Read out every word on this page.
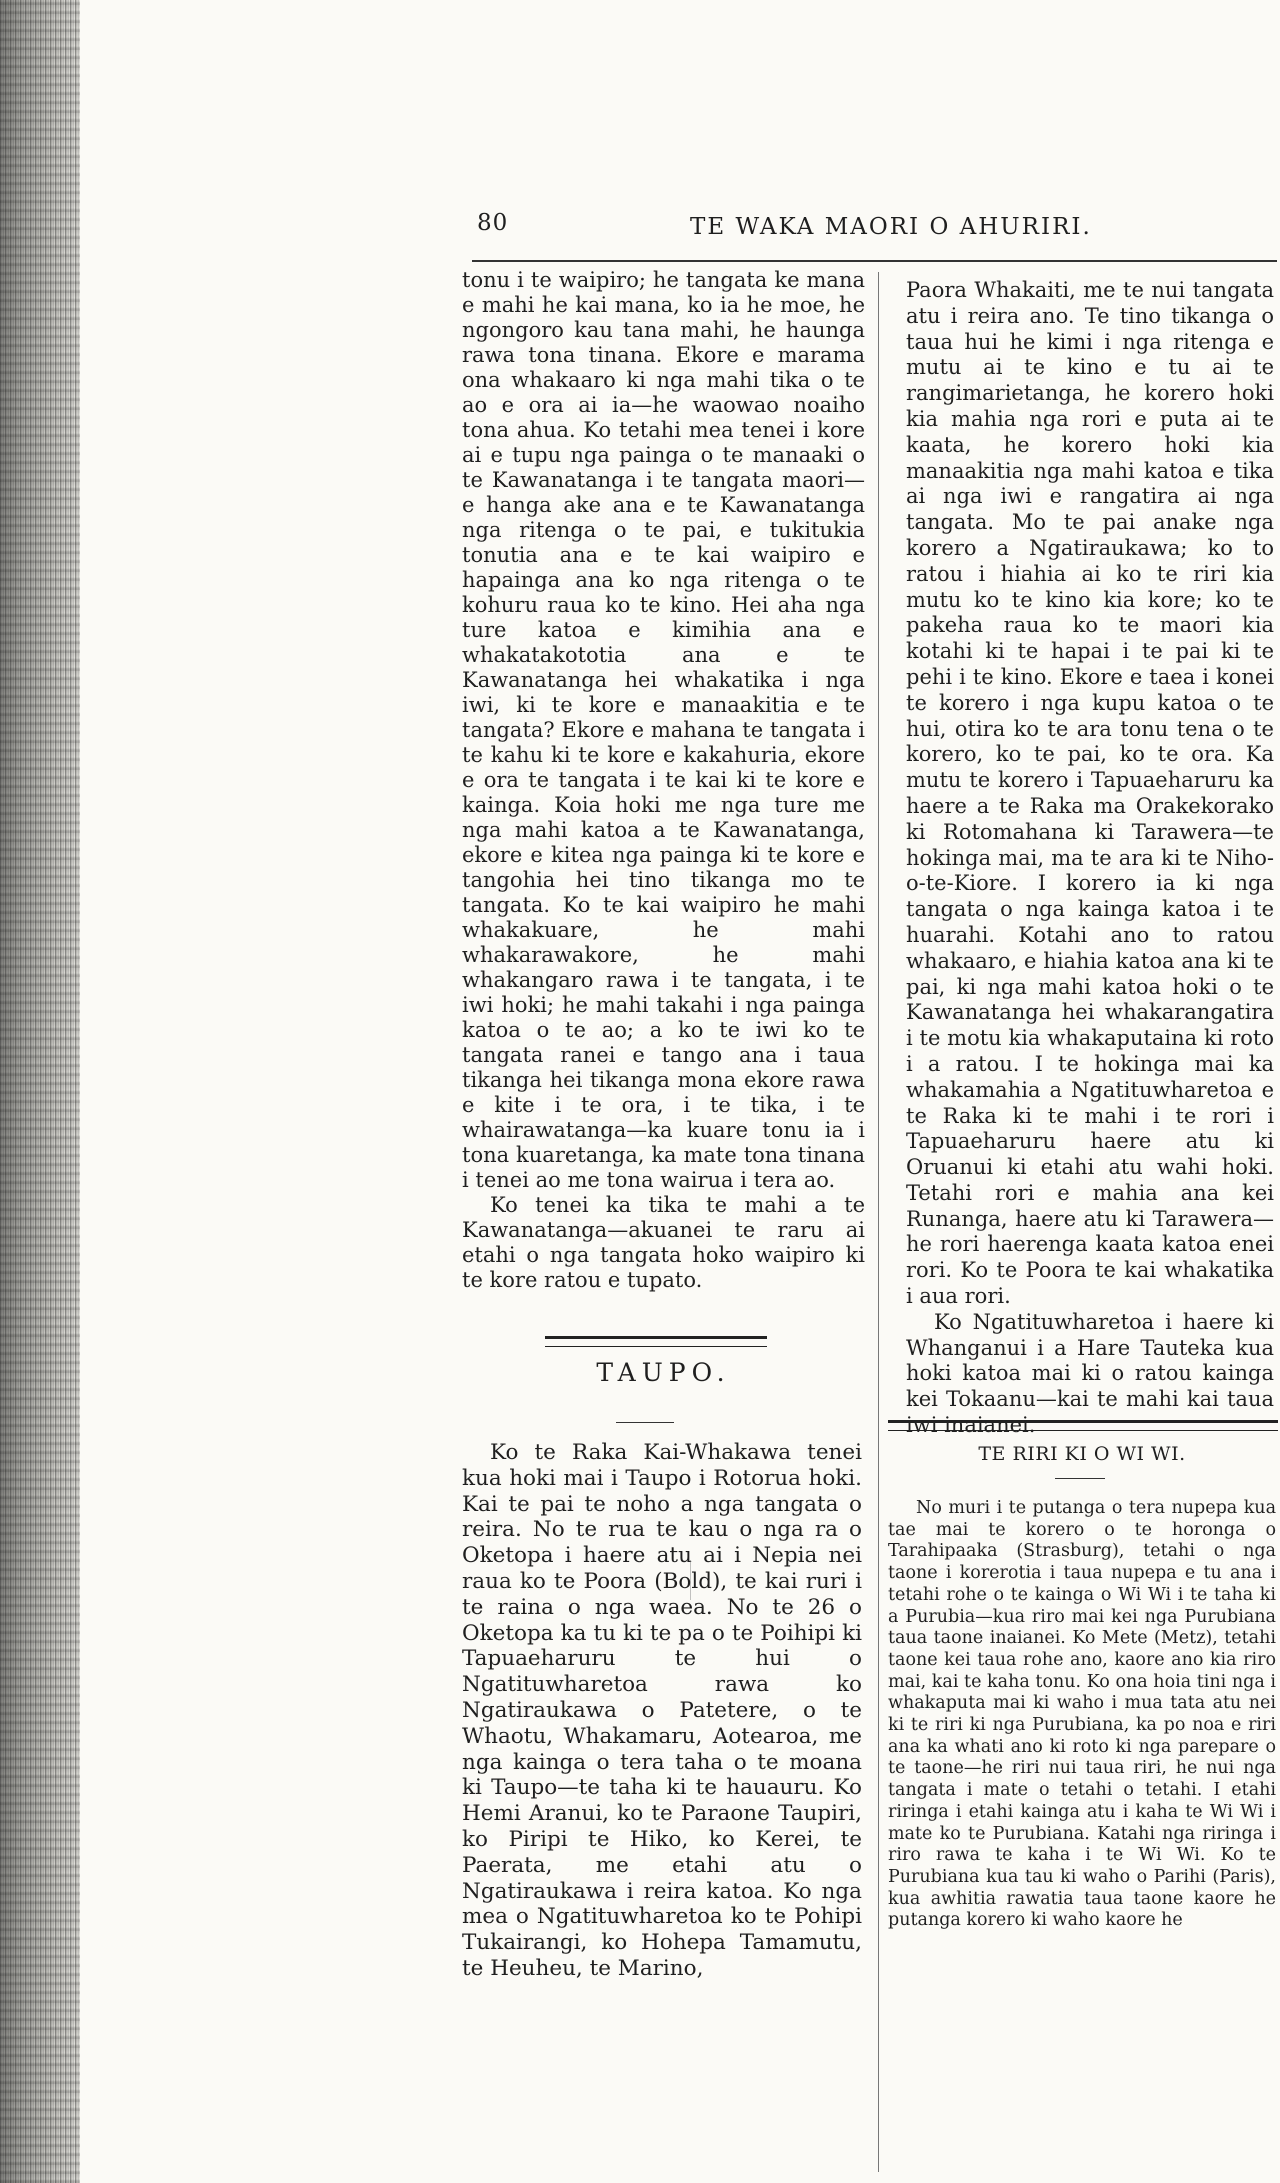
80	TE WAKA MAORI O AHURIRI.

tonu i te waipiro; he tangata ke mana e mahi he kai mana, ko ia he moe, he ngongoro kau tana mahi, he haunga rawa tona tinana. Ekore e marama ona whakaaro ki nga mahi tika o te ao e ora ai ia—he waowao noaiho tona ahua. Ko tetahi mea tenei i kore ai e tupu nga painga o te manaaki o te Kawanatanga i te tangata maori—e hanga ake ana e te Kawanatanga nga ritenga o te pai, e tukitukia tonutia ana e te kai waipiro e hapainga ana ko nga ritenga o te kohuru raua ko te kino. Hei aha nga ture katoa e kimihia ana e whakatakototia ana e te Kawanatanga hei whakatika i nga iwi, ki te kore e manaakitia e te tangata? Ekore e mahana te tangata i te kahu ki te kore e kakahuria, ekore e ora te tangata i te kai ki te kore e kainga. Koia hoki me nga ture me nga mahi katoa a te Kawanatanga, ekore e kitea nga painga ki te kore e tangohia hei tino tikanga mo te tangata. Ko te kai waipiro he mahi whakakuare, he mahi whakarawakore, he mahi whakangaro rawa i te tangata, i te iwi hoki; he mahi takahi i nga painga katoa o te ao; a ko te iwi ko te tangata ranei e tango ana i taua tikanga hei tikanga mona ekore rawa e kite i te ora, i te tika, i te whairawatanga—ka kuare tonu ia i tona kuaretanga, ka mate tona tinana i tenei ao me tona wairua i tera ao.

Ko tenei ka tika te mahi a te Kawanatanga—akuanei te raru ai etahi o nga tangata hoko waipiro ki te kore ratou e tupato.

TAUPO.

Ko te Raka Kai-Whakawa tenei kua hoki mai i Taupo i Rotorua hoki. Kai te pai te noho a nga tangata o reira. No te rua te kau o nga ra o Oketopa i haere atu ai i Nepia nei raua ko te Poora (Bold), te kai ruri i te raina o nga waea. No te 26 o Oketopa ka tu ki te pa o te Poihipi ki Tapuaeharuru te hui o Ngatituwharetoa rawa ko Ngatiraukawa o Patetere, o te Whaotu, Whakamaru, Aotearoa, me nga kainga o tera taha o te moana ki Taupo—te taha ki te hauauru. Ko Hemi Aranui, ko te Paraone Taupiri, ko Piripi te Hiko, ko Kerei, te Paerata, me etahi atu o Ngatiraukawa i reira katoa. Ko nga mea o Ngatituwharetoa ko te Pohipi Tukairangi, ko Hohepa Tamamutu, te Heuheu, te Marino,

Paora Whakaiti, me te nui tangata atu i reira ano. Te tino tikanga o taua hui he kimi i nga ritenga e mutu ai te kino e tu ai te rangimarietanga, he korero hoki kia mahia nga rori e puta ai te kaata, he korero hoki kia manaakitia nga mahi katoa e tika ai nga iwi e rangatira ai nga tangata. Mo te pai anake nga korero a Ngatiraukawa; ko to ratou i hiahia ai ko te riri kia mutu ko te kino kia kore; ko te pakeha raua ko te maori kia kotahi ki te hapai i te pai ki te pehi i te kino. Ekore e taea i konei te korero i nga kupu katoa o te hui, otira ko te ara tonu tena o te korero, ko te pai, ko te ora. Ka mutu te korero i Tapuaeharuru ka haere a te Raka ma Orakekorako ki Rotomahana ki Tarawera—te hokinga mai, ma te ara ki te Niho-o-te-Kiore. I korero ia ki nga tangata o nga kainga katoa i te huarahi. Kotahi ano to ratou whakaaro, e hiahia katoa ana ki te pai, ki nga mahi katoa hoki o te Kawanatanga hei whakarangatira i te motu kia whakaputaina ki roto i a ratou. I te hokinga mai ka whakamahia a Ngatituwharetoa e te Raka ki te mahi i te rori i Tapuaeharuru haere atu ki Oruanui ki etahi atu wahi hoki. Tetahi rori e mahia ana kei Runanga, haere atu ki Tarawera—he rori haerenga kaata katoa enei rori. Ko te Poora te kai whakatika i aua rori.

Ko Ngatituwharetoa i haere ki Whanganui i a Hare Tauteka kua hoki katoa mai ki o ratou kainga kei Tokaanu—kai te mahi kai taua iwi inaianei.

TE RIRI KI O WI WI.

No muri i te putanga o tera nupepa kua tae mai te korero o te horonga o Tarahipaaka (Strasburg), tetahi o nga taone i korerotia i taua nupepa e tu ana i tetahi rohe o te kainga o Wi Wi i te taha ki a Purubia—kua riro mai kei nga Purubiana taua taone inaianei. Ko Mete (Metz), tetahi taone kei taua rohe ano, kaore ano kia riro mai, kai te kaha tonu. Ko ona hoia tini nga i whakaputa mai ki waho i mua tata atu nei ki te riri ki nga Purubiana, ka po noa e riri ana ka whati ano ki roto ki nga parepare o te taone—he riri nui taua riri, he nui nga tangata i mate o tetahi o tetahi. I etahi riringa i etahi kainga atu i kaha te Wi Wi i mate ko te Purubiana. Katahi nga riringa i riro rawa te kaha i te Wi Wi. Ko te Purubiana kua tau ki waho o Parihi (Paris), kua awhitia rawatia taua taone kaore he putanga korero ki waho kaore he
